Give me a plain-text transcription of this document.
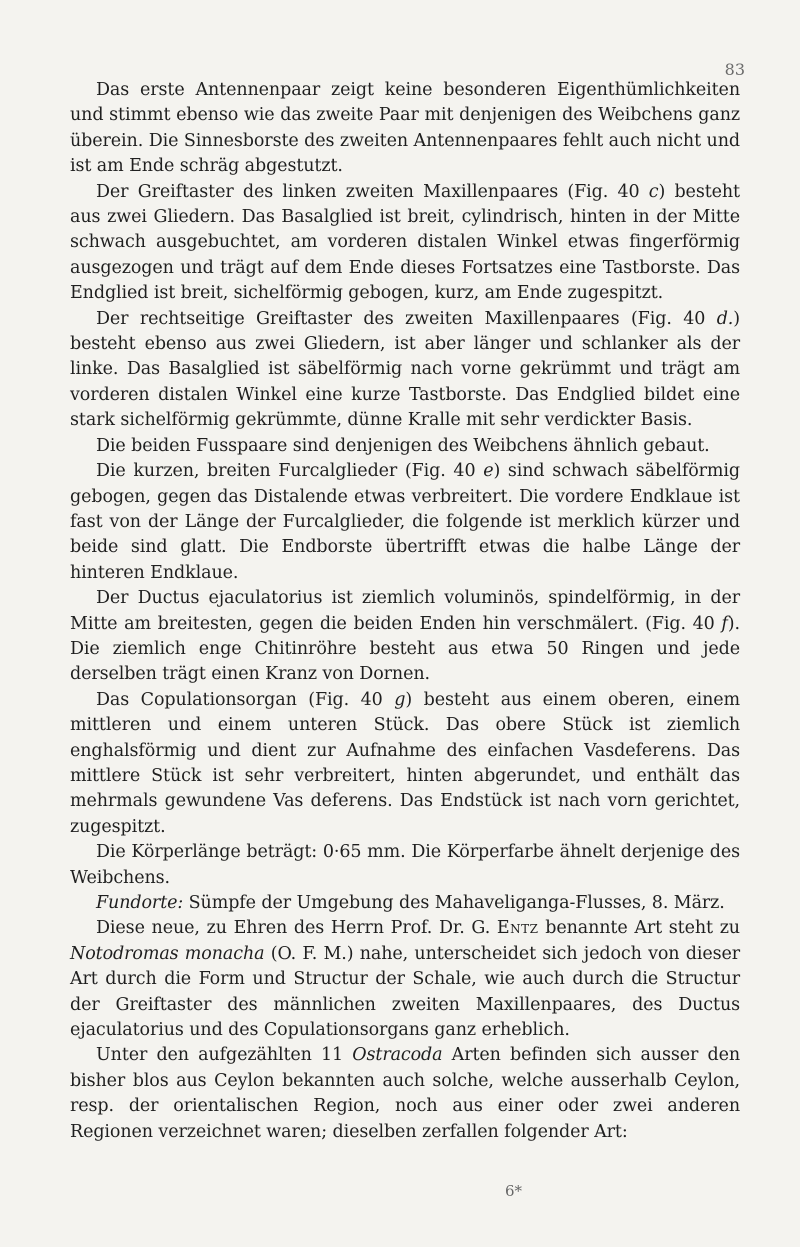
83

Das erste Antennenpaar zeigt keine besonderen Eigenthümlichkeiten und stimmt ebenso wie das zweite Paar mit denjenigen des Weibchens ganz überein. Die Sinnesborste des zweiten Antennenpaares fehlt auch nicht und ist am Ende schräg abgestutzt.

Der Greiftaster des linken zweiten Maxillenpaares (Fig. 40 c) besteht aus zwei Gliedern. Das Basalglied ist breit, cylindrisch, hinten in der Mitte schwach ausgebuchtet, am vorderen distalen Winkel etwas fingerförmig ausgezogen und trägt auf dem Ende dieses Fortsatzes eine Tastborste. Das Endglied ist breit, sichelförmig gebogen, kurz, am Ende zugespitzt.

Der rechtseitige Greiftaster des zweiten Maxillenpaares (Fig. 40 d.) besteht ebenso aus zwei Gliedern, ist aber länger und schlanker als der linke. Das Basalglied ist säbelförmig nach vorne gekrümmt und trägt am vorderen distalen Winkel eine kurze Tastborste. Das Endglied bildet eine stark sichelförmig gekrümmte, dünne Kralle mit sehr verdickter Basis.

Die beiden Fusspaare sind denjenigen des Weibchens ähnlich gebaut.

Die kurzen, breiten Furcalglieder (Fig. 40 e) sind schwach säbelförmig gebogen, gegen das Distalende etwas verbreitert. Die vordere Endklaue ist fast von der Länge der Furcalglieder, die folgende ist merklich kürzer und beide sind glatt. Die Endborste übertrifft etwas die halbe Länge der hinteren Endklaue.

Der Ductus ejaculatorius ist ziemlich voluminös, spindelförmig, in der Mitte am breitesten, gegen die beiden Enden hin verschmälert. (Fig. 40 f). Die ziemlich enge Chitinröhre besteht aus etwa 50 Ringen und jede derselben trägt einen Kranz von Dornen.

Das Copulationsorgan (Fig. 40 g) besteht aus einem oberen, einem mittleren und einem unteren Stück. Das obere Stück ist ziemlich enghalsförmig und dient zur Aufnahme des einfachen Vasdeferens. Das mittlere Stück ist sehr verbreitert, hinten abgerundet, und enthält das mehrmals gewundene Vas deferens. Das Endstück ist nach vorn gerichtet, zugespitzt.

Die Körperlänge beträgt: 0·65 mm. Die Körperfarbe ähnelt derjenige des Weibchens.

Fundorte: Sümpfe der Umgebung des Mahaveliganga-Flusses, 8. März.

Diese neue, zu Ehren des Herrn Prof. Dr. G. Entz benannte Art steht zu Notodromas monacha (O. F. M.) nahe, unterscheidet sich jedoch von dieser Art durch die Form und Structur der Schale, wie auch durch die Structur der Greiftaster des männlichen zweiten Maxillenpaares, des Ductus ejaculatorius und des Copulationsorgans ganz erheblich.

Unter den aufgezählten 11 Ostracoda Arten befinden sich ausser den bisher blos aus Ceylon bekannten auch solche, welche ausserhalb Ceylon, resp. der orientalischen Region, noch aus einer oder zwei anderen Regionen verzeichnet waren; dieselben zerfallen folgender Art:

6*
